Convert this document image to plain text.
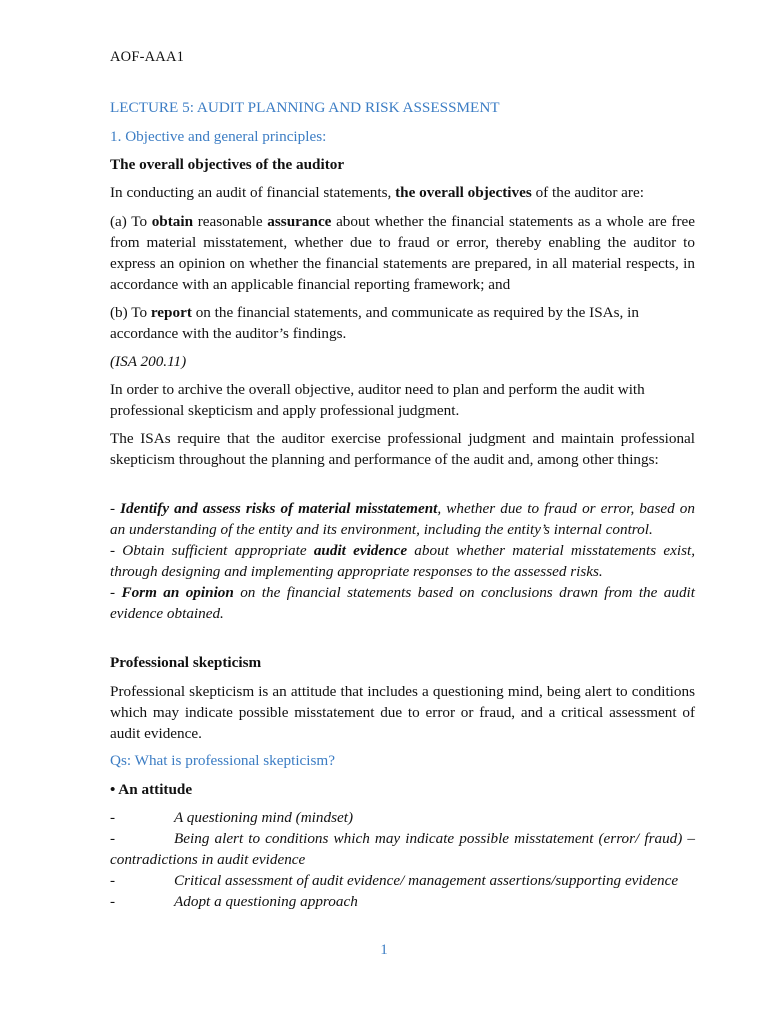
AOF-AAA1

LECTURE 5: AUDIT PLANNING AND RISK ASSESSMENT

1. Objective and general principles:

The overall objectives of the auditor

In conducting an audit of financial statements, the overall objectives of the auditor are:

(a) To obtain reasonable assurance about whether the financial statements as a whole are free from material misstatement, whether due to fraud or error, thereby enabling the auditor to express an opinion on whether the financial statements are prepared, in all material respects, in accordance with an applicable financial reporting framework; and

(b) To report on the financial statements, and communicate as required by the ISAs, in accordance with the auditor’s findings.

(ISA 200.11)

In order to archive the overall objective, auditor need to plan and perform the audit with professional skepticism and apply professional judgment.

The ISAs require that the auditor exercise professional judgment and maintain professional skepticism throughout the planning and performance of the audit and, among other things:

- Identify and assess risks of material misstatement, whether due to fraud or error, based on an understanding of the entity and its environment, including the entity’s internal control.

- Obtain sufficient appropriate audit evidence about whether material misstatements exist, through designing and implementing appropriate responses to the assessed risks.

- Form an opinion on the financial statements based on conclusions drawn from the audit evidence obtained.

Professional skepticism

Professional skepticism is an attitude that includes a questioning mind, being alert to conditions which may indicate possible misstatement due to error or fraud, and a critical assessment of audit evidence.

Qs: What is professional skepticism?

• An attitude

-	A questioning mind (mindset)

-	Being alert to conditions which may indicate possible misstatement (error/ fraud) – contradictions in audit evidence

-	Critical assessment of audit evidence/ management assertions/supporting evidence

-	Adopt a questioning approach
1
